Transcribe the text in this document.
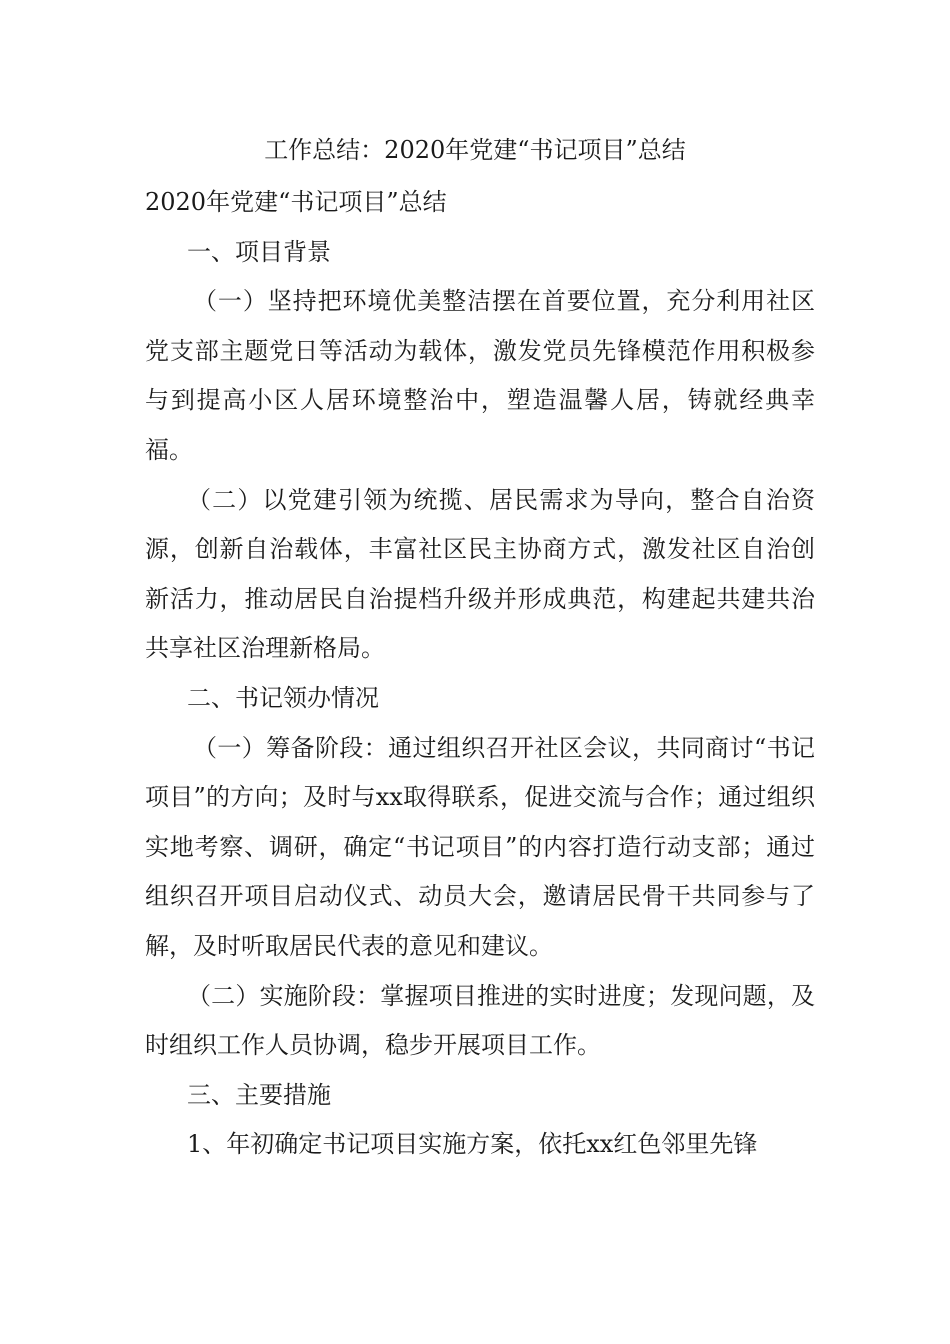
工作总结：2020年党建“书记项目”总结

2020年党建“书记项目”总结

一、项目背景

（一）坚持把环境优美整洁摆在首要位置，充分利用社区党支部主题党日等活动为载体，激发党员先锋模范作用积极参与到提高小区人居环境整治中，塑造温馨人居，铸就经典幸福。

（二）以党建引领为统揽、居民需求为导向，整合自治资源，创新自治载体，丰富社区民主协商方式，激发社区自治创新活力，推动居民自治提档升级并形成典范，构建起共建共治共享社区治理新格局。

二、书记领办情况

（一）筹备阶段：通过组织召开社区会议，共同商讨“书记项目”的方向；及时与xx取得联系，促进交流与合作；通过组织实地考察、调研，确定“书记项目”的内容打造行动支部；通过组织召开项目启动仪式、动员大会，邀请居民骨干共同参与了解，及时听取居民代表的意见和建议。

（二）实施阶段：掌握项目推进的实时进度；发现问题，及时组织工作人员协调，稳步开展项目工作。

三、主要措施

1、年初确定书记项目实施方案，依托xx红色邻里先锋
